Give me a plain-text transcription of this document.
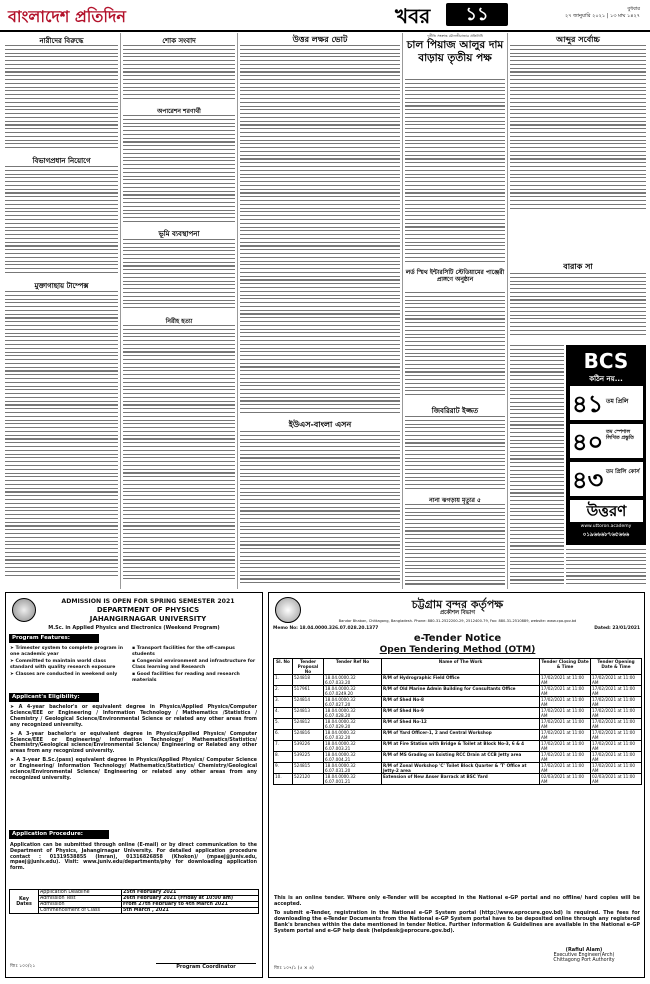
বাংলাদেশ প্রতিদিন	খবর	১১	বুধবার
২৭ জানুয়ারি ২০২১ | ১৩ মাঘ ১৪২৭
নারীদের বিরুদ্ধে
বিভাগপ্রধান নিয়োগে
মুক্তাগাছায় টাম্পেক্স
শোক সংবাদ
অপারেশন শরণার্থী
ভূমি ব্যবস্থাপনা
নিরীহ হত্যা
উত্তর লক্ষর ভোট
ইউএস-বাংলা এসন
দুর্নীতি সংক্রান্ত মৌলভীবাজার প্রতিনিধি
চাল পিয়াজ আলুর দাম বাড়ায় তৃতীয় পক্ষ
লর্ড স্মিথ ইন্টারসিটি স্টেডিয়ামের পাঞ্জেরী প্রাঙ্গণে অনুষ্ঠান
জিবরিরাট ইজ্জত
নানা ঝগড়ায় মৃত্যুর ৫
আব্দুর সর্বোচ্চ
বারাক সা
BCS
কঠিন নয়...
৪১ তম প্রিলি
৪০ তম স্পেশাল লিখিত প্রস্তুতি
৪৩ তম প্রিলি কোর্স
উত্তরণ
www.uttoron.academy
০১৯৬৬৬৮৭৬৫৬৬৬
ADMISSION IS OPEN FOR SPRING SEMESTER 2021
DEPARTMENT OF PHYSICS
JAHANGIRNAGAR UNIVERSITY
M.Sc. in Applied Physics and Electronics (Weekend Program)
Program Features:
➤ Trimester system to complete program in one academic year
➤ Committed to maintain world class standard with quality research exposure
➤ Classes are conducted in weekend only
▪ Transport facilities for the off-campus students
▪ Congenial environment and infrastructure for Class learning and Research
▪ Good facilities for reading and research materials
Applicant's Eligibility:
➤ A 4-year bachelor's or equivalent degree in Physics/Applied Physics/Computer Science/EEE or Engineering / Information Technology / Mathematics /Statistics / Chemistry / Geological Science/Environmental Science or related any other areas from any recognized university.
➤ A 3-year bachelor's or equivalent degree in Physics/Applied Physics/ Computer Science/EEE or Engineering/ Information Technology/ Mathematics/Statistics/ Chemistry/Geological science/Environmental Science/ Engineering or Related any other areas from any recognized university.
➤ A 3-year B.Sc.(pass) equivalent degree in Physics/Applied Physics/ Computer Science or Engineering/ Information Technology/ Mathematics/Statistics/ Chemistry/Geological science/Environmental Science/ Engineering or related any other areas from any recognized university.
Application Procedure:
Application can be submitted through online (E-mail) or by direct communication to the Department of Physics, Jahangirnagar University. For detailed application procedure contact : 01319538855 (Imran), 01316826858 (Khokon)/ (mpaej@juniv.edu, mpaej@juniv.edu). Visit: www.juniv.edu/departments/phy for downloading application form.
Key Dates	Application Deadline	25th February 2021
	Admission Test	26th February 2021 (Friday at 10:00 am)
	Admission	From 27th February to 4th March 2021
	Commencement of Class	5th March , 2021
জিঃ ১০০/২১	Program Coordinator
চট্টগ্রাম বন্দর কর্তৃপক্ষ
প্রকৌশল বিভাগ
Bandar Bhaban, Chittagong, Bangladesh. Phone: 880-31-2522200-29, 2512400-79, Fax: 880-31-2510889, website: www.cpa.gov.bd
Memo No: 18.04.0000.326.07.028.20.1377	Dated: 23/01/2021
e-Tender Notice
Open Tendering Method (OTM)
Sl. No	Tender Proposal No	Tender Ref No	Name of The Work	Tender Closing Date & Time	Tender Opening Date & Time
1.	524818	18.04.0000.32 6.07.033.20	R/M of Hydrographic Field Office	17/02/2021 at 11:00 AM	17/02/2021 at 11:00 AM
2.	517961	18.04.0000.32 6.07.0249.20	R/M of Old Marine Admin Building for Consultants Office	17/02/2021 at 11:00 AM	17/02/2021 at 11:00 AM
3.	524814	18.04.0000.32 6.07.027.20	R/M of Shed No-8	17/02/2021 at 11:00 AM	17/02/2021 at 11:00 AM
4.	524813	18.04.0000.32 6.07.028.20	R/M of Shed No-9	17/02/2021 at 11:00 AM	17/02/2021 at 11:00 AM
5.	524812	18.04.0000.32 6.07.029.20	R/M of Shed No-12	17/02/2021 at 11:00 AM	17/02/2021 at 11:00 AM
6.	524816	18.04.0000.32 6.07.032.20	R/M of Yard Officer-1, 2 and Central Workshop	17/02/2021 at 11:00 AM	17/02/2021 at 11:00 AM
7.	539226	18.04.0000.32 6.07.003.21	R/M at Fire Station with Bridge & Toilet at Block No-3, 6 & 4	17/02/2021 at 11:00 AM	17/02/2021 at 11:00 AM
8.	539225	18.04.0000.32 6.07.004.21	R/M of MS Grading on Existing RCC Drain at CCB Jetty area	17/02/2021 at 11:00 AM	17/02/2021 at 11:00 AM
9.	524815	18.04.0000.32 6.07.031.20	R/M of Zonal Workshop 'C' Toilet Block Quarter & 'T' Office at Jetty-2 area	17/02/2021 at 11:00 AM	17/02/2021 at 11:00 AM
10.	522120	18.04.0000.32 6.07.001.21	Extension of New Anser Barrack at BSC Yard	02/03/2021 at 11:00 AM	02/03/2021 at 11:00 AM
This is an online tender. Where only e-Tender will be accepted in the National e-GP portal and no offline/ hard copies will be accepted.
To submit e-Tender, registration in the National e-GP System portal (http://www.eprocure.gov.bd) is required. The fees for downloading the e-Tender Documents from the National e-GP System portal have to be deposited online through any registered Bank's branches within the date mentioned in tender Notice. Further information & Guidelines are available in the National e-GP System portal and e-GP help desk (helpdesk@eprocure.gov.bd).
জিঃ ১০৭/১ (৫ × ৪)
(Rafiul Alam)
Executive Engineer(Arch)
Chittagong Port Authority
